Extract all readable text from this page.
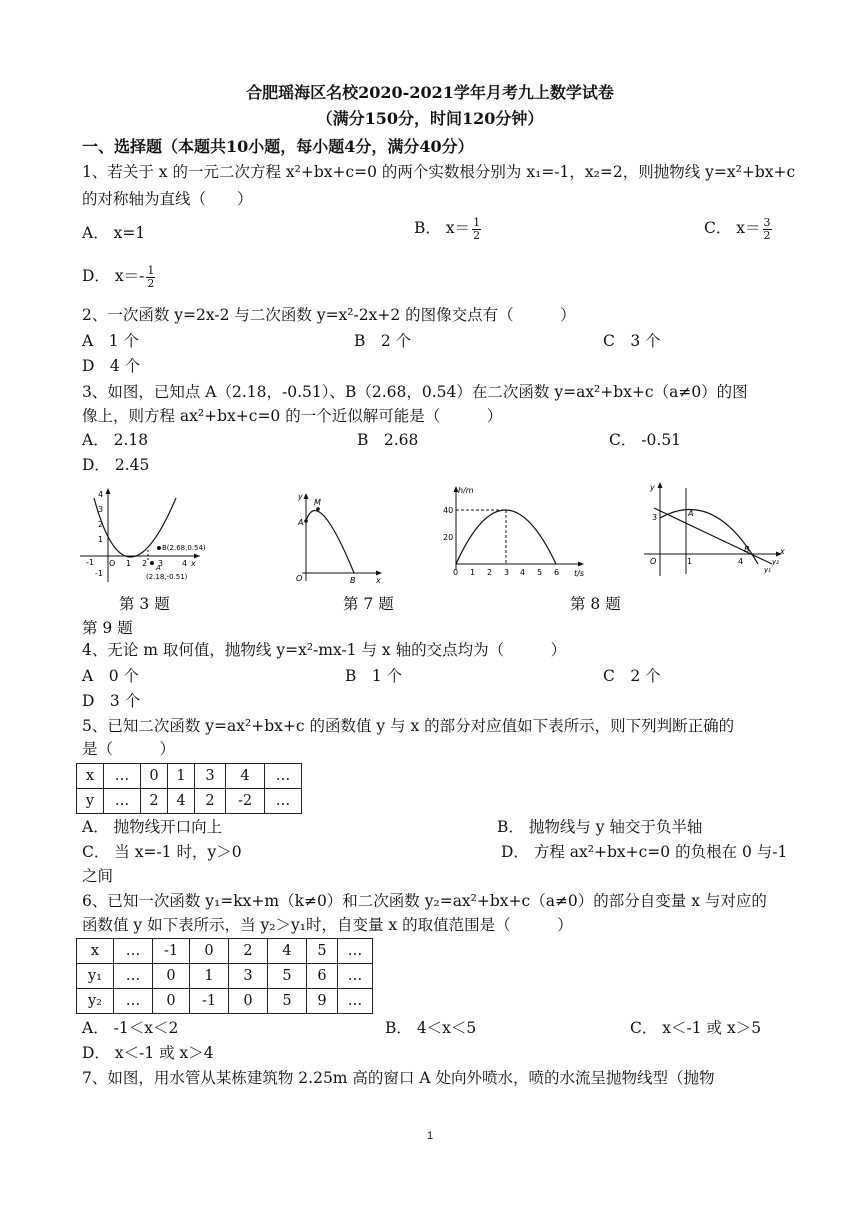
合肥瑶海区名校2020-2021学年月考九上数学试卷
（满分150分，时间120分钟）
一、选择题（本题共10小题，每小题4分，满分40分）
1、若关于 x 的一元二次方程 x²+bx+c=0 的两个实数根分别为 x₁=-1，x₂=2，则抛物线 y=x²+bx+c
的对称轴为直线（　　）
A． x=1	B． $x= \frac{1}{2}$	C． $x= \frac{3}{2}$
D． $x=- \frac{1}{2}$
2、一次函数 y=2x-2 与二次函数 y=x²-2x+2 的图像交点有（　　　）
A　1 个	B　2 个	C　3 个
D　4 个
3、如图，已知点 A（2.18，-0.51）、B（2.68，0.54）在二次函数 y=ax²+bx+c（a≠0）的图
像上，则方程 ax²+bx+c=0 的一个近似解可能是（　　　）
A． 2.18	B　2.68	C． -0.51
D． 2.45
4
3
2
1
-1
-1 O 1 2 3 4 x
B(2.68,0.54)
A
(2.18,-0.51)
y
O	x
M
A
B
h/m
t/s
40
20
0 1 2 3 4 5 6
y
O
x
1	4
3	A
B
y₁
y₂
第 3 题	第 7 题	第 8 题
第 9 题
4、无论 m 取何值，抛物线 y=x²-mx-1 与 x 轴的交点均为（　　　）
A　0 个	B　1 个	C　2 个
D　3 个
5、已知二次函数 y=ax²+bx+c 的函数值 y 与 x 的部分对应值如下表所示，则下列判断正确的
是（　　　）
x	…	0	1	3	4	…
y	…	2	4	2	-2	…
A． 抛物线开口向上	B． 抛物线与 y 轴交于负半轴
C． 当 x=-1 时，y＞0	D． 方程 ax²+bx+c=0 的负根在 0 与-1
之间
6、已知一次函数 y₁=kx+m（k≠0）和二次函数 y₂=ax²+bx+c（a≠0）的部分自变量 x 与对应的
函数值 y 如下表所示，当 y₂＞y₁时，自变量 x 的取值范围是（　　　）
x	…	-1	0	2	4	5	…
y₁	…	0	1	3	5	6	…
y₂	…	0	-1	0	5	9	…
A． -1＜x＜2	B． 4＜x＜5	C． x＜-1 或 x＞5
D． x＜-1 或 x＞4
7、如图，用水管从某栋建筑物 2.25m 高的窗口 A 处向外喷水，喷的水流呈抛物线型（抛物
1
